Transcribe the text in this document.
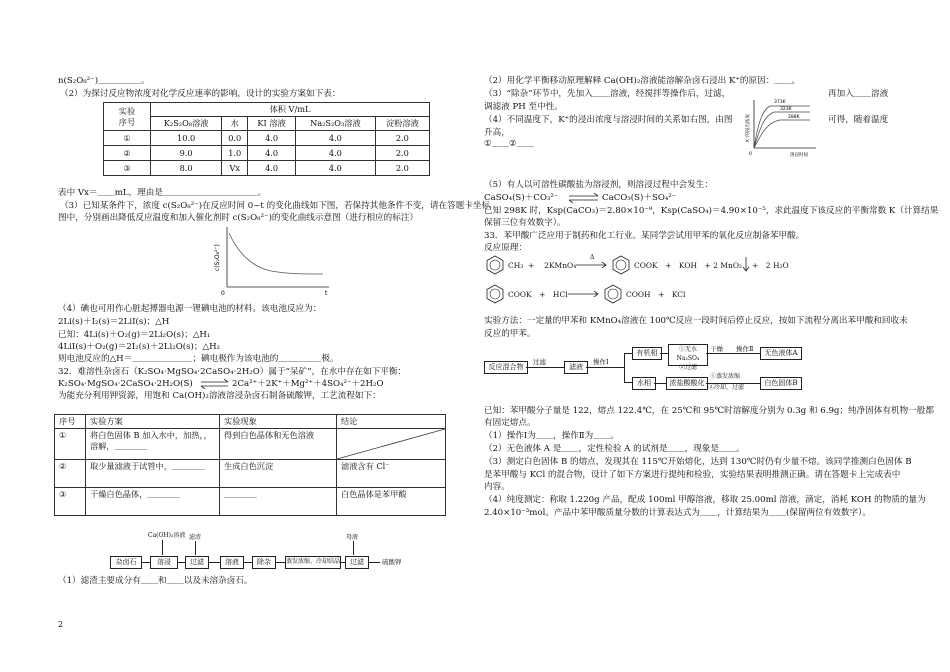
n(S₂O₈²⁻)＿＿＿＿＿。
（2）为探讨反应物浓度对化学反应速率的影响，设计的实验方案如下表：
实验
序号	体积 V/mL				
	K₂S₂O₈溶液	水	KI 溶液	Na₂S₂O₃溶液	淀粉溶液
①	10.0	0.0	4.0	4.0	2.0
②	9.0	1.0	4.0	4.0	2.0
③	8.0	Vx	4.0	4.0	2.0
表中 Vx＝＿＿mL，理由是＿＿＿＿＿＿＿＿＿＿＿。
（3）已知某条件下，浓度 c(S₂O₈²⁻)在反应时间 0~t 的变化曲线如下图，若保持其他条件不变，请在答题卡坐标
图中，分别画出降低反应温度和加入催化剂时 c(S₂O₈²⁻)的变化曲线示意图（进行相应的标注）
c(S₂O₈²⁻)
0	t
（4）碘也可用作心脏起搏器电源一锂碘电池的材料。该电池反应为：
2Li(s)＋I₂(s)＝2LiI(s)；△H
已知：4Li(s)＋O₂(g)＝2Li₂O(s)；△H₁
4LiI(s)＋O₂(g)＝2I₂(s)＋2Li₂O(s)；△H₂
则电池反应的△H＝＿＿＿＿＿＿＿；碘电极作为该电池的＿＿＿＿＿极。
32．难溶性杂卤石（K₂SO₄·MgSO₄·2CaSO₄·2H₂O）属于“呆矿”，在水中存在如下平衡：
K₂SO₄·MgSO₄·2CaSO₄·2H₂O(S) ⇌ 2Ca²⁺＋2K⁺＋Mg²⁺＋4SO₄²⁻＋2H₂O
为能充分利用钾资源，用饱和 Ca(OH)₂溶液溶浸杂卤石制备硫酸钾，工艺流程如下：
序号	实验方案	实验现象	结论
①	将白色固体 B 加入水中，加热，，溶解，＿＿＿＿	得到白色晶体和无色溶液	

②	取少量滤液于试管中，＿＿＿＿	生成白色沉淀	滤液含有 Cl⁻
③	干燥白色晶体，＿＿＿＿	＿＿＿＿	白色晶体是苯甲酸
Ca(OH)₂溶液 滤渣	母液
杂卤石	溶浸	过滤	溶液	除杂	蒸发浓缩、冷却结晶	过滤	硫酸钾
（1）滤渣主要成分有＿＿和＿＿以及未溶杂卤石。
2
（2）用化学平衡移动原理解释 Ca(OH)₂溶液能溶解杂卤石浸出 K⁺的原因：＿＿。
（3）“除杂”环节中，先加入＿＿溶液，经搅拌等操作后，过滤，	再加入＿＿溶液
调滤液 PH 至中性。
（4）不同温度下，K⁺的浸出浓度与溶浸时间的关系如右图，由图	可得，随着温度
升高，
①＿＿②＿＿
373K
323K
288K
K⁺的浸出浓度
0	溶浸时间
（5）有人以可溶性碳酸盐为溶浸剂，则溶浸过程中会发生：
CaSO₄(S)＋CO₃²⁻ ⇌ CaCO₃(S)＋SO₄²⁻
已知 298K 时，Ksp(CaCO₃)＝2.80×10⁻⁹，Ksp(CaSO₄)＝4.90×10⁻⁵，求此温度下该反应的平衡常数 K（计算结果
保留三位有效数字）。
33．苯甲酸广泛应用于制药和化工行业。某同学尝试用甲苯的氧化反应制备苯甲酸。
反应原理：
CH₃ +　 2KMnO₄
Δ
COOK　+　KOH　+ 2 MnO₂ +　2 H₂O
COOK　+　HCl →	COOH　+　KCl
实验方法：一定量的甲苯和 KMnO₄溶液在 100℃反应一段时间后停止反应，按如下流程分离出苯甲酸和回收未
反应的甲苯。
反应混合物
过滤
滤液
操作Ⅰ
有机相	①无水Na₂SO₄
②过滤
干燥 操作Ⅱ	无色液体A
水相	浓盐酸酸化
①蒸发浓缩
②冷却，过滤
白色固体B
已知：苯甲酸分子量是 122，熔点 122.4℃，在 25℃和 95℃时溶解度分别为 0.3g 和 6.9g；纯净固体有机物一般都
有固定熔点。
（1）操作Ⅰ为＿＿，操作Ⅱ为＿＿。
（2）无色液体 A 是＿＿，定性检验 A 的试剂是＿＿，现象是＿＿。
（3）测定白色固体 B 的熔点，发现其在 115℃开始熔化，达到 130℃时仍有少量不熔。该同学推测白色固体 B
是苯甲酸与 KCl 的混合物，设计了如下方案进行提纯和检验，实验结果表明推测正确。请在答题卡上完成表中
内容。
（4）纯度测定：称取 1.220g 产品，配成 100ml 甲醇溶液，移取 25.00ml 溶液，滴定，消耗 KOH 的物质的量为
2.40×10⁻³mol。产品中苯甲酸质量分数的计算表达式为＿＿，计算结果为＿＿(保留两位有效数字）。
